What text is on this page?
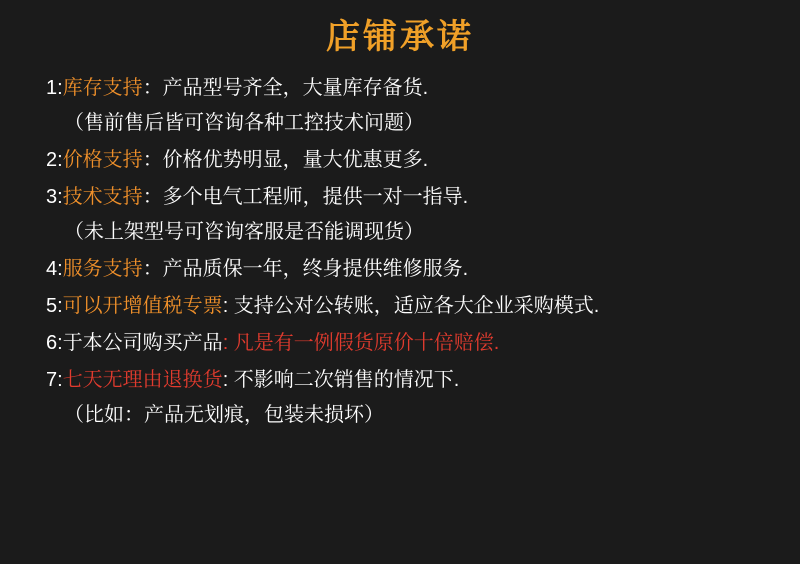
店铺承诺
1:库存支持：产品型号齐全，大量库存备货.
（售前售后皆可咨询各种工控技术问题）
2:价格支持：价格优势明显，量大优惠更多.
3:技术支持：多个电气工程师，提供一对一指导.
（未上架型号可咨询客服是否能调现货）
4:服务支持：产品质保一年，终身提供维修服务.
5:可以开增值税专票: 支持公对公转账，适应各大企业采购模式.
6:于本公司购买产品: 凡是有一例假货原价十倍赔偿.
7:七天无理由退换货: 不影响二次销售的情况下.
（比如：产品无划痕，包装未损坏）
